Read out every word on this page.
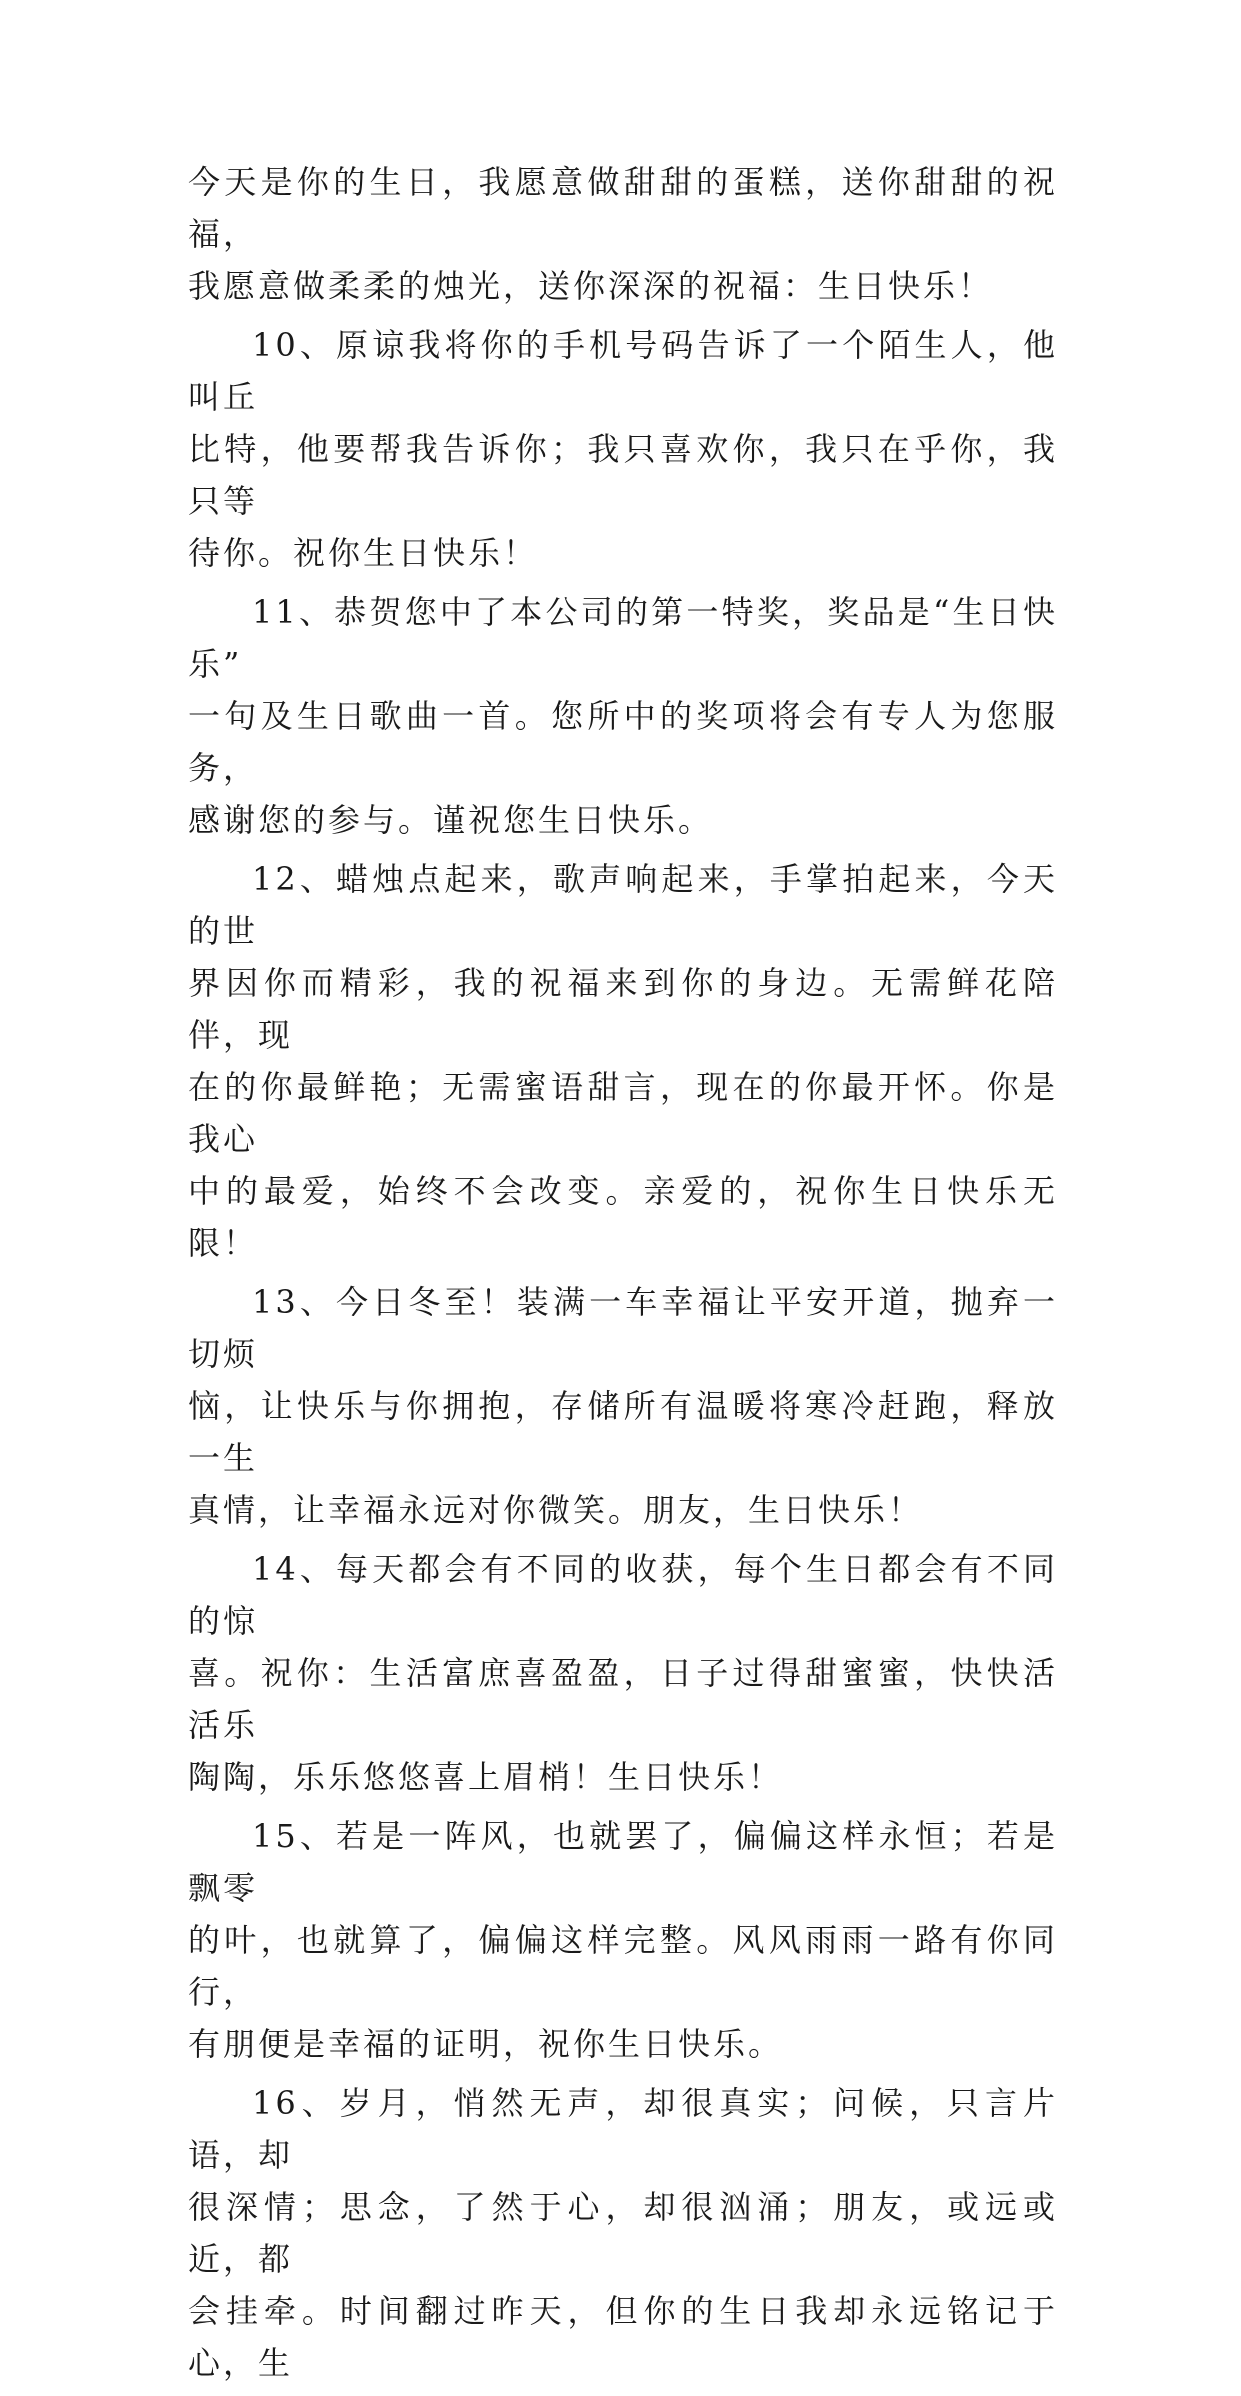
今天是你的生日，我愿意做甜甜的蛋糕，送你甜甜的祝福，
我愿意做柔柔的烛光，送你深深的祝福：生日快乐！

10、原谅我将你的手机号码告诉了一个陌生人，他叫丘
比特，他要帮我告诉你；我只喜欢你，我只在乎你，我只等
待你。祝你生日快乐！

11、恭贺您中了本公司的第一特奖，奖品是“生日快乐”
一句及生日歌曲一首。您所中的奖项将会有专人为您服务，
感谢您的参与。谨祝您生日快乐。

12、蜡烛点起来，歌声响起来，手掌拍起来，今天的世
界因你而精彩，我的祝福来到你的身边。无需鲜花陪伴，现
在的你最鲜艳；无需蜜语甜言，现在的你最开怀。你是我心
中的最爱，始终不会改变。亲爱的，祝你生日快乐无限！

13、今日冬至！装满一车幸福让平安开道，抛弃一切烦
恼，让快乐与你拥抱，存储所有温暖将寒冷赶跑，释放一生
真情，让幸福永远对你微笑。朋友，生日快乐！

14、每天都会有不同的收获，每个生日都会有不同的惊
喜。祝你：生活富庶喜盈盈，日子过得甜蜜蜜，快快活活乐
陶陶，乐乐悠悠喜上眉梢！生日快乐！

15、若是一阵风，也就罢了，偏偏这样永恒；若是飘零
的叶，也就算了，偏偏这样完整。风风雨雨一路有你同行，
有朋便是幸福的证明，祝你生日快乐。

16、岁月，悄然无声，却很真实；问候，只言片语，却
很深情；思念，了然于心，却很汹涌；朋友，或远或近，都
会挂牵。时间翻过昨天，但你的生日我却永远铭记于心，生
